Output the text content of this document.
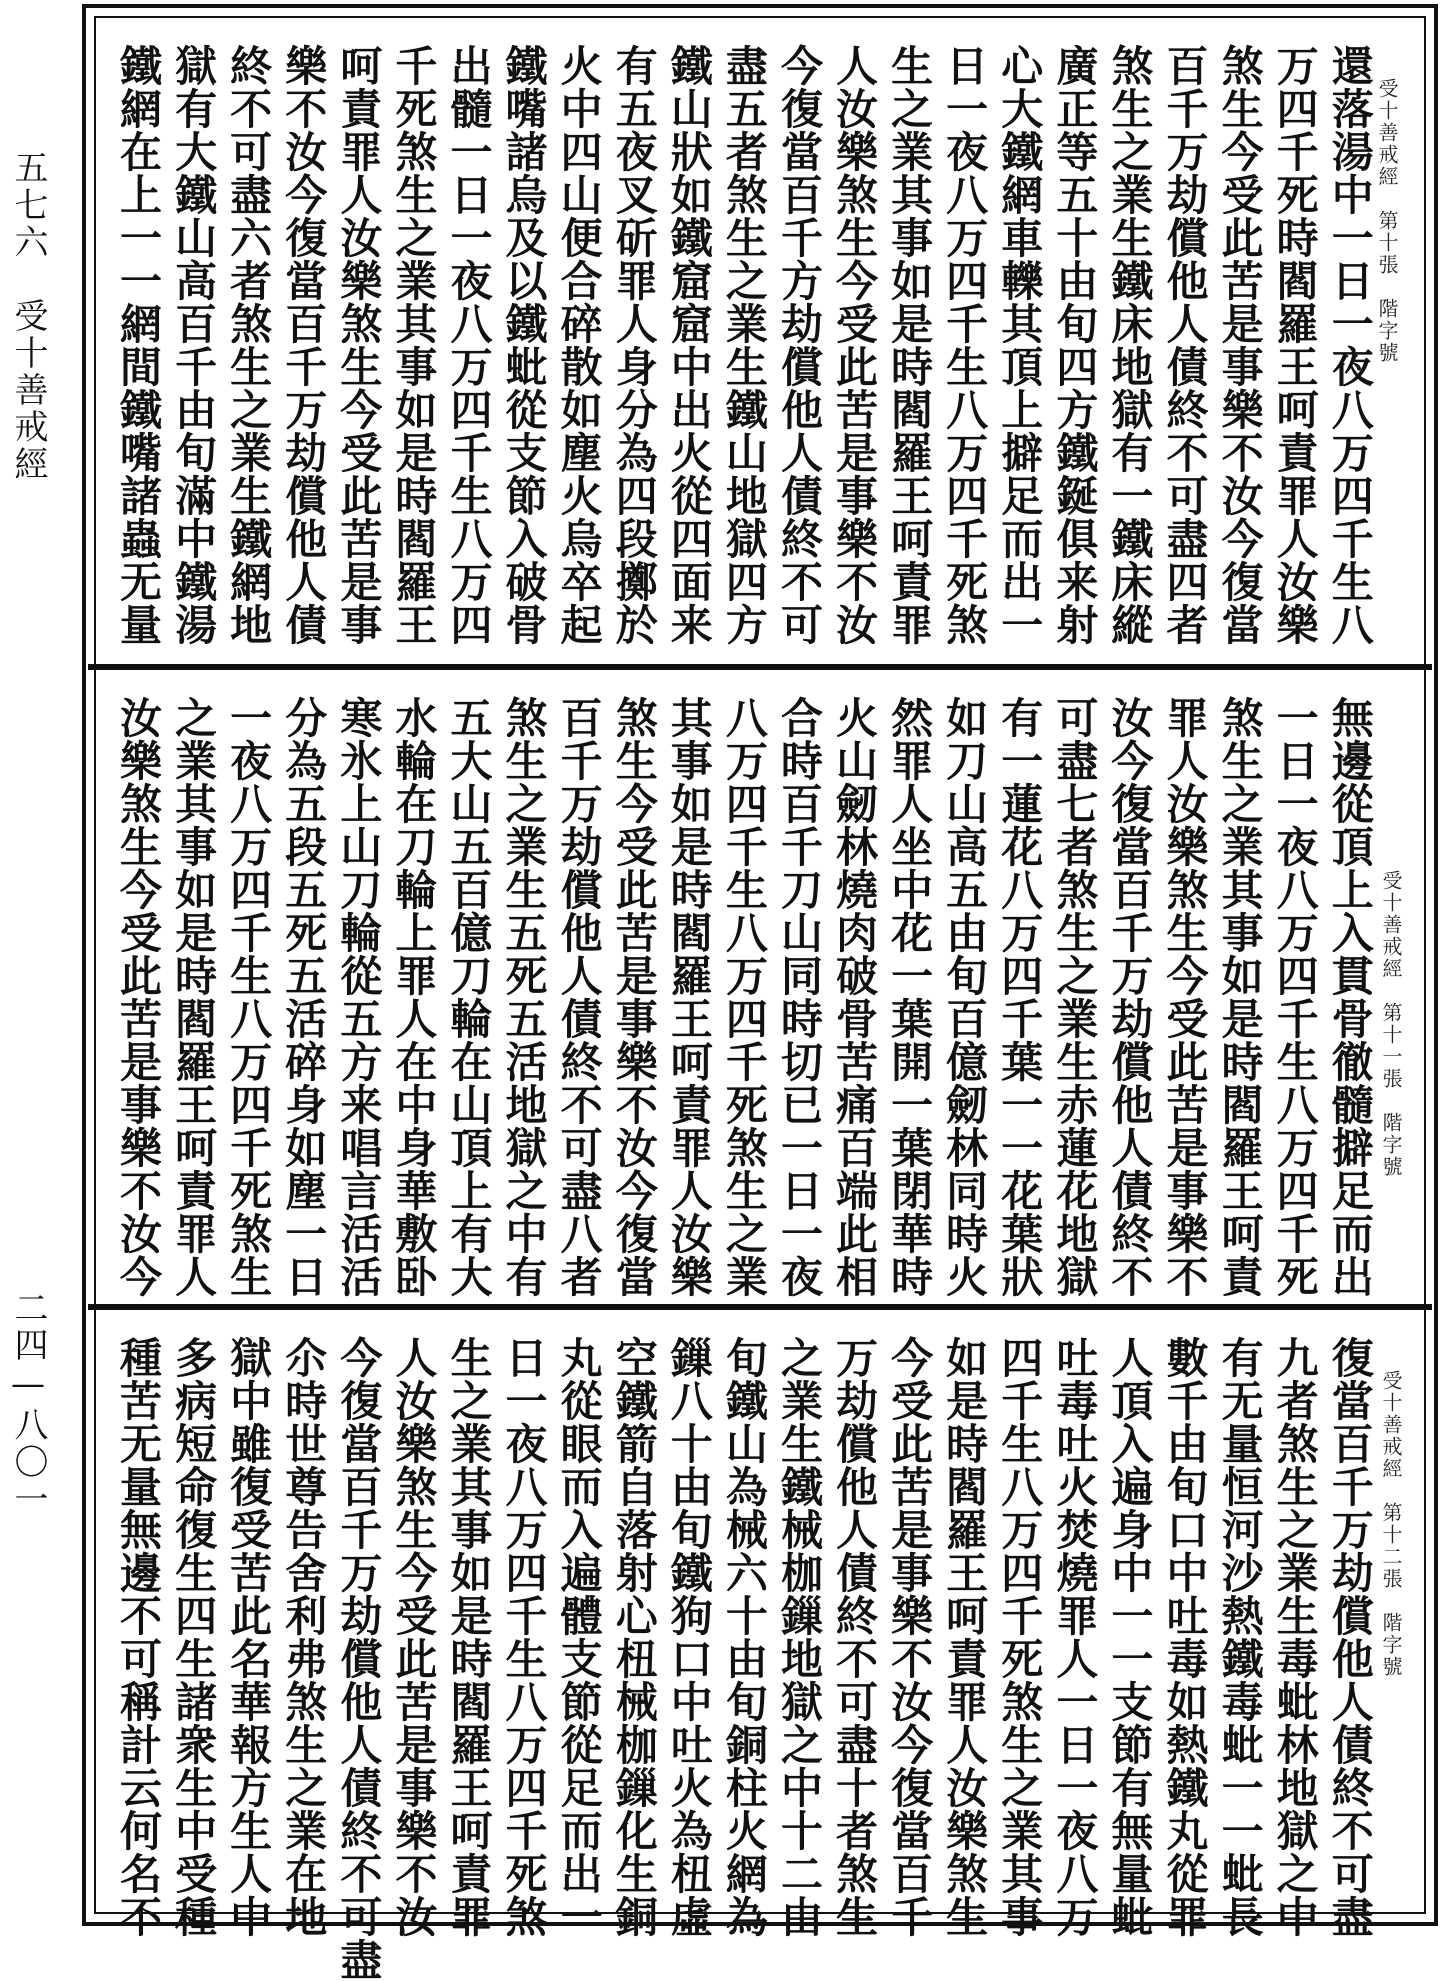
五七六　受十善戒經
二四—八〇一
受十善戒經　第十張　階字號
還落湯中一日一夜八万四千生八
万四千死時閻羅王呵責罪人汝樂
煞生今受此苦是事樂不汝今復當
百千万劫償他人債終不可盡四者
煞生之業生鐵床地獄有一鐵床縱
廣正等五十由旬四方鐵鋋俱来射
心大鐵網車轢其頂上擗足而出一
日一夜八万四千生八万四千死煞
生之業其事如是時閻羅王呵責罪
人汝樂煞生今受此苦是事樂不汝
今復當百千方劫償他人債終不可
盡五者煞生之業生鐵山地獄四方
鐵山狀如鐵窟窟中出火從四面来
有五夜叉斫罪人身分為四段擲於
火中四山便合碎散如塵火烏卒起
鐵嘴諸烏及以鐵蚍從支節入破骨
出髓一日一夜八万四千生八万四
千死煞生之業其事如是時閻羅王
呵責罪人汝樂煞生今受此苦是事
樂不汝今復當百千万劫償他人債
終不可盡六者煞生之業生鐵網地
獄有大鐵山高百千由旬滿中鐵湯
鐵網在上一一網間鐵嘴諸蟲无量
受十善戒經　第十一張　階字號
無邊從頂上入貫骨徹髓擗足而出
一日一夜八万四千生八万四千死
煞生之業其事如是時閻羅王呵責
罪人汝樂煞生今受此苦是事樂不
汝今復當百千万劫償他人債終不
可盡七者煞生之業生赤蓮花地獄
有一蓮花八万四千葉一一花葉狀
如刀山高五由旬百億劒林同時火
然罪人坐中花一葉開一葉閉華時
火山劒林燒肉破骨苦痛百端此相
合時百千刀山同時切已一日一夜
八万四千生八万四千死煞生之業
其事如是時閻羅王呵責罪人汝樂
煞生今受此苦是事樂不汝今復當
百千万劫償他人債終不可盡八者
煞生之業生五死五活地獄之中有
五大山五百億刀輪在山頂上有大
水輪在刀輪上罪人在中身華敷卧
寒氷上山刀輪從五方来唱言活活
分為五段五死五活碎身如塵一日
一夜八万四千生八万四千死煞生
之業其事如是時閻羅王呵責罪人
汝樂煞生今受此苦是事樂不汝今
受十善戒經　第十二張　階字號
復當百千万劫償他人債終不可盡
九者煞生之業生毒蚍林地獄之中
有无量恒河沙熱鐵毒蚍一一蚍長
數千由旬口中吐毒如熱鐵丸從罪
人頂入遍身中一一支節有無量蚍
吐毒吐火焚燒罪人一日一夜八万
四千生八万四千死煞生之業其事
如是時閻羅王呵責罪人汝樂煞生
今受此苦是事樂不汝今復當百千
万劫償他人債終不可盡十者煞生
之業生鐵械枷鏁地獄之中十二由
旬鐵山為械六十由旬銅柱火網為
鏁八十由旬鐵狗口中吐火為杻虛
空鐵箭自落射心杻械枷鏁化生銅
丸從眼而入遍體支節從足而出一
日一夜八万四千生八万四千死煞
生之業其事如是時閻羅王呵責罪
人汝樂煞生今受此苦是事樂不汝
今復當百千万劫償他人債終不可盡
尒時世尊告舍利弗煞生之業在地
獄中雖復受苦此名華報方生人中
多病短命復生四生諸衆生中受種
種苦无量無邊不可稱計云何名不
